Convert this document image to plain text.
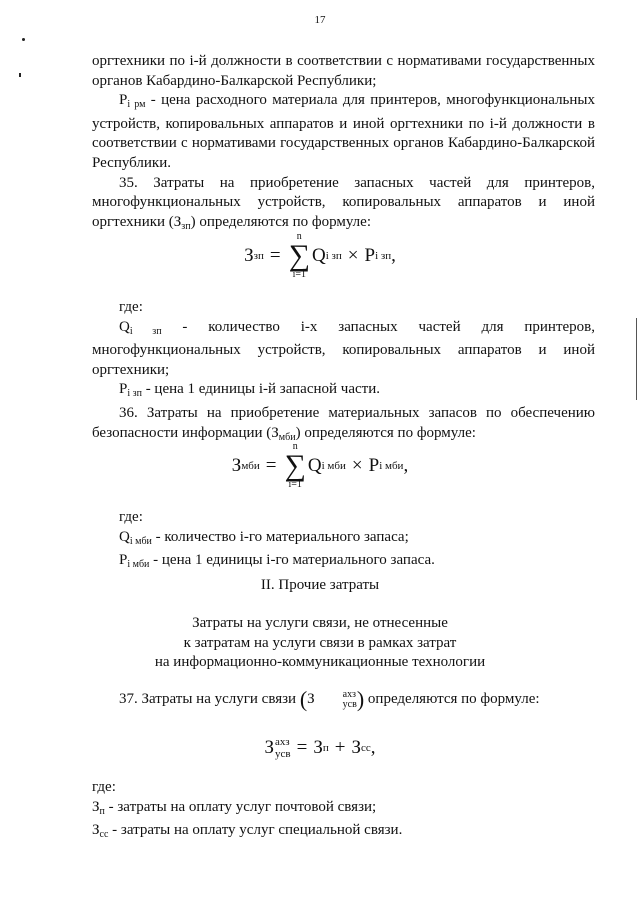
17

оргтехники по i-й должности в соответствии с нормативами государственных органов Кабардино-Балкарской Республики;

$P_{i рм}$ - цена расходного материала для принтеров, многофункциональных устройств, копировальных аппаратов и иной оргтехники по i-й должности в соответствии с нормативами государственных органов Кабардино-Балкарской Республики.

35. Затраты на приобретение запасных частей для принтеров, многофункциональных устройств, копировальных аппаратов и иной оргтехники $(З_{зп})$ определяются по формуле:

З зп =
n
∑
i=1
Q i зп × P i зп ,

где:

$Q_{i зп}$ - количество i-х запасных частей для принтеров, многофункциональных устройств, копировальных аппаратов и иной оргтехники;

$P_{i зп}$ - цена 1 единицы i-й запасной части.

36. Затраты на приобретение материальных запасов по обеспечению безопасности информации $(З_{мби})$ определяются по формуле:

З мби =
n
∑
i=1
Q i мби × P i мби ,

где:

$Q_{i мби}$ - количество i-го материального запаса;

$P_{i мби}$ - цена 1 единицы i-го материального запаса.

II. Прочие затраты
Затраты на услуги связи, не отнесенные
к затратам на услуги связи в рамках затрат
на информационно-коммуникационные технологии

37. Затраты на услуги связи (З	ахз
усв ) определяются по формуле:

З ахз
усв = З п + З сс ,

где:

$З_п$ - затраты на оплату услуг почтовой связи;

$З_{сс}$ - затраты на оплату услуг специальной связи.
